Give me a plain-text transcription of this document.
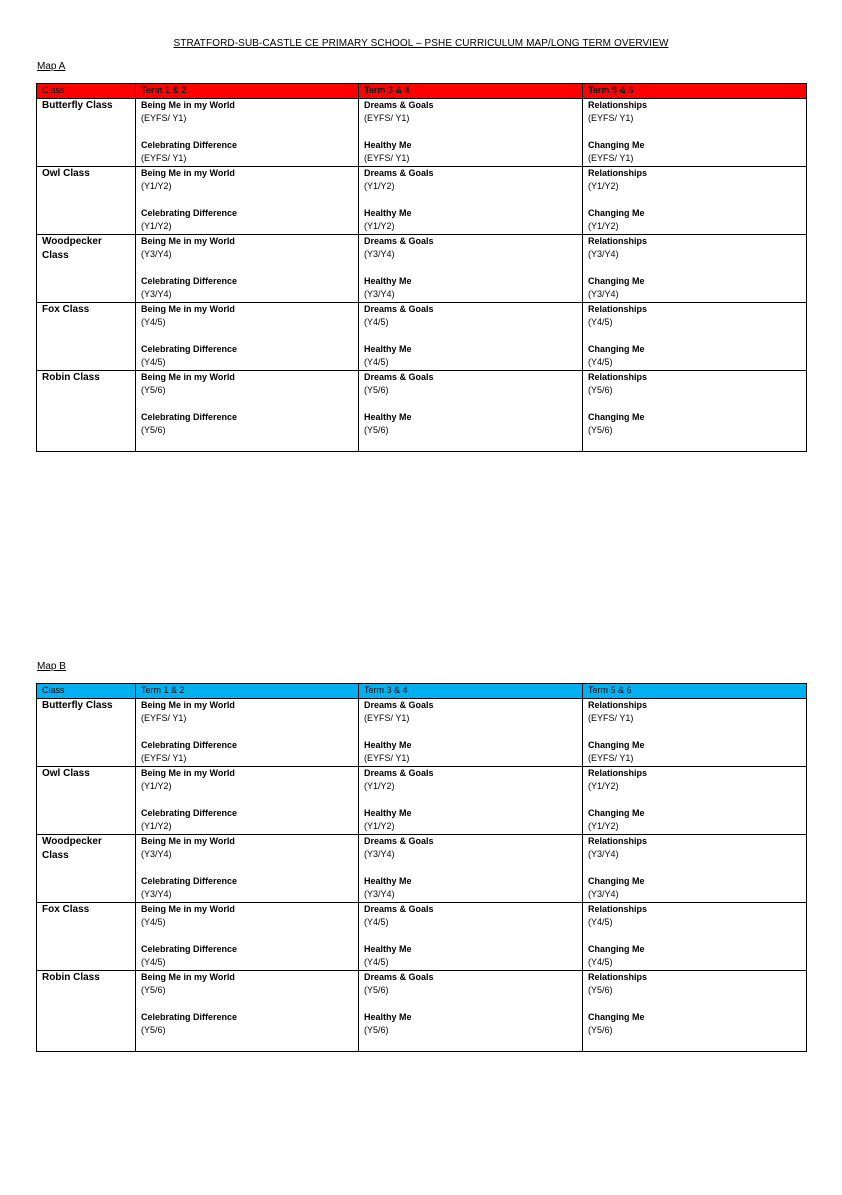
STRATFORD-SUB-CASTLE CE PRIMARY SCHOOL – PSHE CURRICULUM MAP/LONG TERM OVERVIEW
Map A
Class	Term 1 & 2	Term 3 & 4	Term 5 & 6
Butterfly Class	Being Me in my World
(EYFS/ Y1)
Celebrating Difference
(EYFS/ Y1)	Dreams & Goals
(EYFS/ Y1)
Healthy Me
(EYFS/ Y1)	Relationships
(EYFS/ Y1)
Changing Me
(EYFS/ Y1)

Owl Class	Being Me in my World
(Y1/Y2)
Celebrating Difference
(Y1/Y2)	Dreams & Goals
(Y1/Y2)
Healthy Me
(Y1/Y2)	Relationships
(Y1/Y2)
Changing Me
(Y1/Y2)

Woodpecker Class	Being Me in my World
(Y3/Y4)
Celebrating Difference
(Y3/Y4)	Dreams & Goals
(Y3/Y4)
Healthy Me
(Y3/Y4)	Relationships
(Y3/Y4)
Changing Me
(Y3/Y4)

Fox Class	Being Me in my World
(Y4/5)
Celebrating Difference
(Y4/5)	Dreams & Goals
(Y4/5)
Healthy Me
(Y4/5)	Relationships
(Y4/5)
Changing Me
(Y4/5)

Robin Class	Being Me in my World
(Y5/6)
Celebrating Difference
(Y5/6)	Dreams & Goals
(Y5/6)
Healthy Me
(Y5/6)	Relationships
(Y5/6)
Changing Me
(Y5/6)
Map B
Class	Term 1 & 2	Term 3 & 4	Term 5 & 6
Butterfly Class	Being Me in my World
(EYFS/ Y1)
Celebrating Difference
(EYFS/ Y1)	Dreams & Goals
(EYFS/ Y1)
Healthy Me
(EYFS/ Y1)	Relationships
(EYFS/ Y1)
Changing Me
(EYFS/ Y1)

Owl Class	Being Me in my World
(Y1/Y2)
Celebrating Difference
(Y1/Y2)	Dreams & Goals
(Y1/Y2)
Healthy Me
(Y1/Y2)	Relationships
(Y1/Y2)
Changing Me
(Y1/Y2)

Woodpecker Class	Being Me in my World
(Y3/Y4)
Celebrating Difference
(Y3/Y4)	Dreams & Goals
(Y3/Y4)
Healthy Me
(Y3/Y4)	Relationships
(Y3/Y4)
Changing Me
(Y3/Y4)

Fox Class	Being Me in my World
(Y4/5)
Celebrating Difference
(Y4/5)	Dreams & Goals
(Y4/5)
Healthy Me
(Y4/5)	Relationships
(Y4/5)
Changing Me
(Y4/5)

Robin Class	Being Me in my World
(Y5/6)
Celebrating Difference
(Y5/6)	Dreams & Goals
(Y5/6)
Healthy Me
(Y5/6)	Relationships
(Y5/6)
Changing Me
(Y5/6)
